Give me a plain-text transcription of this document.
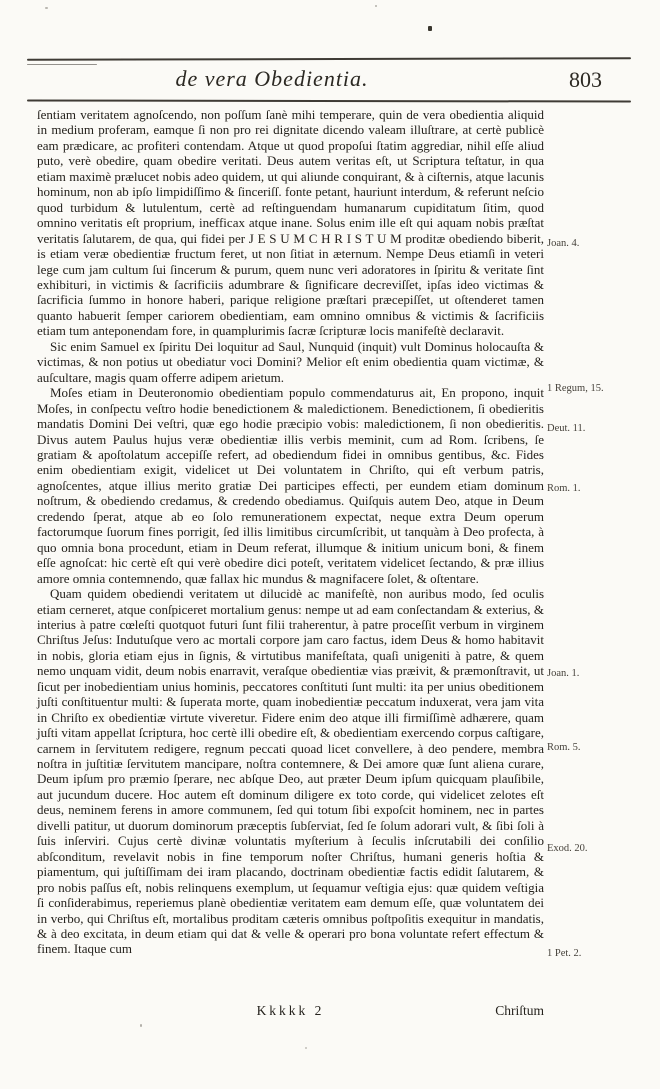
de vera Obedientia.	803

ſentiam veritatem agnoſcendo, non poſſum ſanè mihi temperare, quin de vera obedientia aliquid in medium proferam, eamque ſi non pro rei dignitate dicendo valeam illuſtrare, at certè publicè eam prædicare, ac profiteri contendam. Atque ut quod propoſui ſtatim aggrediar, nihil eſſe aliud puto, verè obedire, quam obedire veritati. Deus autem veritas eſt, ut Scriptura teſtatur, in qua etiam maximè prælucet nobis adeo quidem, ut qui aliunde conquirant, & à ciſternis, atque lacunis hominum, non ab ipſo limpidiſſimo & ſinceriſſ. fonte petant, hauriunt interdum, & referunt neſcio quod turbidum & lutulentum, certè ad reſtinguendam humanarum cupiditatum ſitim, quod omnino veritatis eſt proprium, inefficax atque inane. Solus enim ille eſt qui aquam nobis præſtat veritatis ſalutarem, de qua, qui fidei per J E S U M C H R I S T U M proditæ obediendo biberit, is etiam veræ obedientiæ fructum feret, ut non ſitiat in æternum. Nempe Deus etiamſi in veteri lege cum jam cultum ſui ſincerum & purum, quem nunc veri adoratores in ſpiritu & veritate ſint exhibituri, in victimis & ſacrificiis adumbrare & ſignificare decreviſſet, ipſas ideo victimas & ſacrificia ſummo in honore haberi, parique religione præſtari præcepiſſet, ut oſtenderet tamen quanto habuerit ſemper cariorem obedientiam, eam omnino omnibus & victimis & ſacrificiis etiam tum anteponendam fore, in quamplurimis ſacræ ſcripturæ locis manifeſtè declaravit.

Sic enim Samuel ex ſpiritu Dei loquitur ad Saul, Nunquid (inquit) vult Dominus holocauſta & victimas, & non potius ut obediatur voci Domini? Melior eſt enim obedientia quam victimæ, & auſcultare, magis quam offerre adipem arietum.

Moſes etiam in Deuteronomio obedientiam populo commendaturus ait, En propono, inquit Moſes, in conſpectu veſtro hodie benedictionem & maledictionem. Benedictionem, ſi obedieritis mandatis Domini Dei veſtri, quæ ego hodie præcipio vobis: maledictionem, ſi non obedieritis. Divus autem Paulus hujus veræ obedientiæ illis verbis meminit, cum ad Rom. ſcribens, ſe gratiam & apoſtolatum accepiſſe refert, ad obediendum fidei in omnibus gentibus, &c. Fides enim obedientiam exigit, videlicet ut Dei voluntatem in Chriſto, qui eſt verbum patris, agnoſcentes, atque illius merito gratiæ Dei participes effecti, per eundem etiam dominum noſtrum, & obediendo credamus, & credendo obediamus. Quiſquis autem Deo, atque in Deum credendo ſperat, atque ab eo ſolo remunerationem expectat, neque extra Deum operum factorumque ſuorum fines porrigit, ſed illis limitibus circumſcribit, ut tanquàm à Deo profecta, à quo omnia bona procedunt, etiam in Deum referat, illumque & initium unicum boni, & finem eſſe agnoſcat: hic certè eſt qui verè obedire dici poteſt, veritatem videlicet ſectando, & præ illius amore omnia contemnendo, quæ fallax hic mundus & magnifacere ſolet, & oſtentare.

Quam quidem obediendi veritatem ut dilucidè ac manifeſtè, non auribus modo, ſed oculis etiam cerneret, atque conſpiceret mortalium genus: nempe ut ad eam conſectandam & exterius, & interius à patre cœleſti quotquot futuri ſunt filii traherentur, à patre proceſſit verbum in virginem Chriſtus Jeſus: Indutuſque vero ac mortali corpore jam caro factus, idem Deus & homo habitavit in nobis, gloria etiam ejus in ſignis, & virtutibus manifeſtata, quaſi unigeniti à patre, & quem nemo unquam vidit, deum nobis enarravit, veraſque obedientiæ vias præivit, & præmonſtravit, ut ſicut per inobedientiam unius hominis, peccatores conſtituti ſunt multi: ita per unius obeditionem juſti conſtituentur multi: & ſuperata morte, quam inobedientiæ peccatum induxerat, vera jam vita in Chriſto ex obedientiæ virtute viveretur. Fidere enim deo atque illi firmiſſimè adhærere, quam juſti vitam appellat ſcriptura, hoc certè illi obedire eſt, & obedientiam exercendo corpus caſtigare, carnem in ſervitutem redigere, regnum peccati quoad licet convellere, à deo pendere, membra noſtra in juſtitiæ ſervitutem mancipare, noſtra contemnere, & Dei amore quæ ſunt aliena curare, Deum ipſum pro præmio ſperare, nec abſque Deo, aut præter Deum ipſum quicquam plauſibile, aut jucundum ducere. Hoc autem eſt dominum diligere ex toto corde, qui videlicet zelotes eſt deus, neminem ferens in amore communem, ſed qui totum ſibi expoſcit hominem, nec in partes divelli patitur, ut duorum dominorum præceptis ſubſerviat, ſed ſe ſolum adorari vult, & ſibi ſoli à ſuis inſerviri. Cujus certè divinæ voluntatis myſterium à ſeculis inſcrutabili dei conſilio abſconditum, revelavit nobis in fine temporum noſter Chriſtus, humani generis hoſtia & piamentum, qui juſtiſſimam dei iram placando, doctrinam obedientiæ factis edidit ſalutarem, & pro nobis paſſus eſt, nobis relinquens exemplum, ut ſequamur veſtigia ejus: quæ quidem veſtigia ſi conſiderabimus, reperiemus planè obedientiæ veritatem eam demum eſſe, quæ voluntatem dei in verbo, qui Chriſtus eſt, mortalibus proditam cæteris omnibus poſtpoſitis exequitur in mandatis, & à deo excitata, in deum etiam qui dat & velle & operari pro bona voluntate refert effectum & finem. Itaque cum

Joan. 4.
1 Regum, 15.
Deut. 11.
Rom. 1.
Joan. 1.
Rom. 5.
Exod. 20.
1 Pet. 2.
Kkkkk 2	Chriſtum
